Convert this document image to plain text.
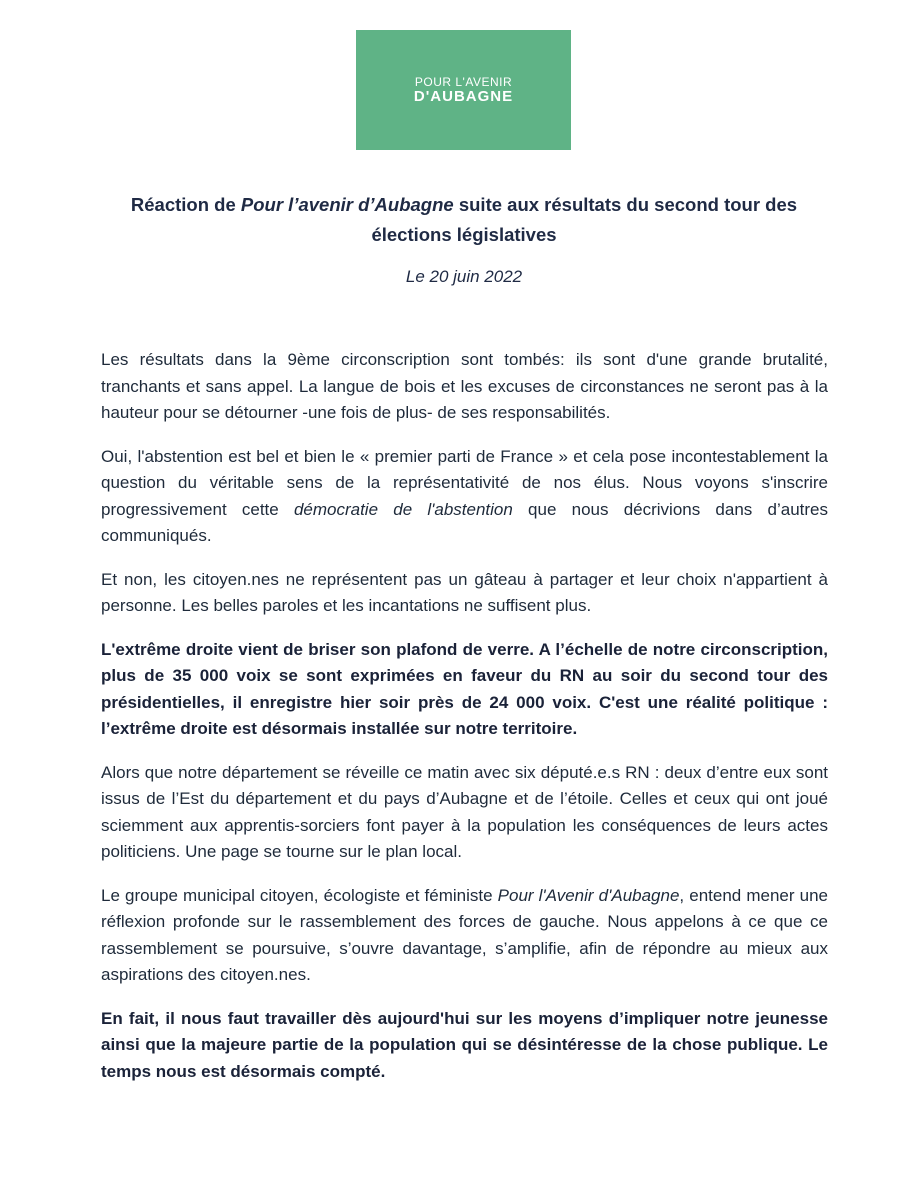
POUR L'AVENIR
D'AUBAGNE
Réaction de Pour l’avenir d’Aubagne suite aux résultats du second tour des élections législatives
Le 20 juin 2022

Les résultats dans la 9ème circonscription sont tombés: ils sont d'une grande brutalité, tranchants et sans appel. La langue de bois et les excuses de circonstances ne seront pas à la hauteur pour se détourner -une fois de plus- de ses responsabilités.

Oui, l'abstention est bel et bien le « premier parti de France » et cela pose incontestablement la question du véritable sens de la représentativité de nos élus. Nous voyons s'inscrire progressivement cette démocratie de l'abstention que nous décrivions dans d’autres communiqués.

Et non, les citoyen.nes ne représentent pas un gâteau à partager et leur choix n'appartient à personne. Les belles paroles et les incantations ne suffisent plus.

L'extrême droite vient de briser son plafond de verre. A l’échelle de notre circonscription, plus de 35 000 voix se sont exprimées en faveur du RN au soir du second tour des présidentielles, il enregistre hier soir près de 24 000 voix. C'est une réalité politique : l’extrême droite est désormais installée sur notre territoire.

Alors que notre département se réveille ce matin avec six député.e.s RN : deux d’entre eux sont issus de l’Est du département et du pays d’Aubagne et de l’étoile. Celles et ceux qui ont joué sciemment aux apprentis-sorciers font payer à la population les conséquences de leurs actes politiciens. Une page se tourne sur le plan local.

Le groupe municipal citoyen, écologiste et féministe Pour l'Avenir d'Aubagne, entend mener une réflexion profonde sur le rassemblement des forces de gauche. Nous appelons à ce que ce rassemblement se poursuive, s’ouvre davantage, s’amplifie, afin de répondre au mieux aux aspirations des citoyen.nes.

En fait, il nous faut travailler dès aujourd'hui sur les moyens d’impliquer notre jeunesse ainsi que la majeure partie de la population qui se désintéresse de la chose publique. Le temps nous est désormais compté.
